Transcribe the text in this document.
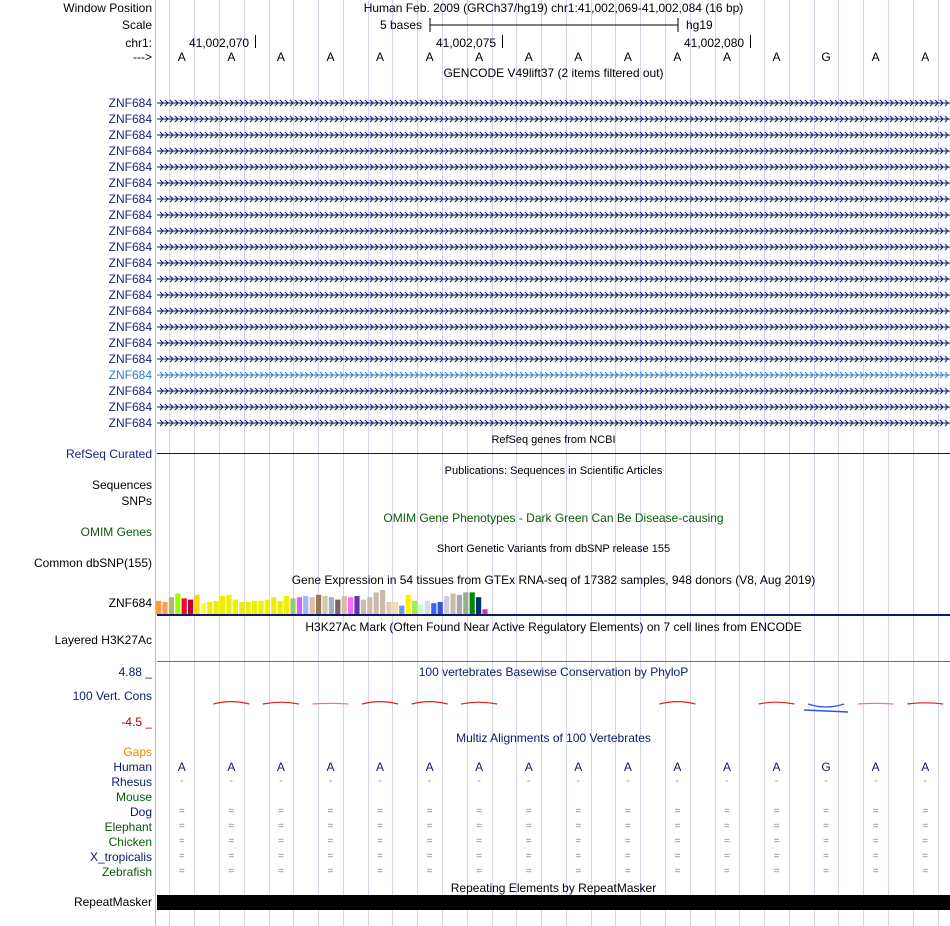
Window Position	Human Feb. 2009 (GRCh37/hg19) chr1:41,002,069-41,002,084 (16 bp)
Scale	5 bases	hg19
chr1:	41,002,070	41,002,075	41,002,080
--->	A	A	A	A	A	A	A	A	A	A	A	A	A	G	A	A
GENCODE V49lift37 (2 items filtered out)
ZNF684
ZNF684
ZNF684
ZNF684
ZNF684
ZNF684
ZNF684
ZNF684
ZNF684
ZNF684
ZNF684
ZNF684
ZNF684
ZNF684
ZNF684
ZNF684
ZNF684
ZNF684
ZNF684
ZNF684
ZNF684
RefSeq genes from NCBI
RefSeq Curated
Publications: Sequences in Scientific Articles
Sequences
SNPs
OMIM Gene Phenotypes - Dark Green Can Be Disease-causing
OMIM Genes
Short Genetic Variants from dbSNP release 155
Common dbSNP(155)
Gene Expression in 54 tissues from GTEx RNA-seq of 17382 samples, 948 donors (V8, Aug 2019)
ZNF684
H3K27Ac Mark (Often Found Near Active Regulatory Elements) on 7 cell lines from ENCODE
Layered H3K27Ac
4.88 _	100 vertebrates Basewise Conservation by PhyloP
100 Vert. Cons
-4.5 _
Multiz Alignments of 100 Vertebrates
Gaps
Human	A	A	A	A	A	A	A	A	A	A	A	A	A	G	A	A
Rhesus	-	-	-	-	-	-	-	-	-	-	-	-	-	-	-	-
Mouse
Dog	=	=	=	=	=	=	=	=	=	=	=	=	=	=	=	=
Elephant	=	=	=	=	=	=	=	=	=	=	=	=	=	=	=	=
Chicken	=	=	=	=	=	=	=	=	=	=	=	=	=	=	=	=
X_tropicalis	=	=	=	=	=	=	=	=	=	=	=	=	=	=	=	=
Zebrafish	=	=	=	=	=	=	=	=	=	=	=	=	=	=	=	=
Repeating Elements by RepeatMasker
RepeatMasker
